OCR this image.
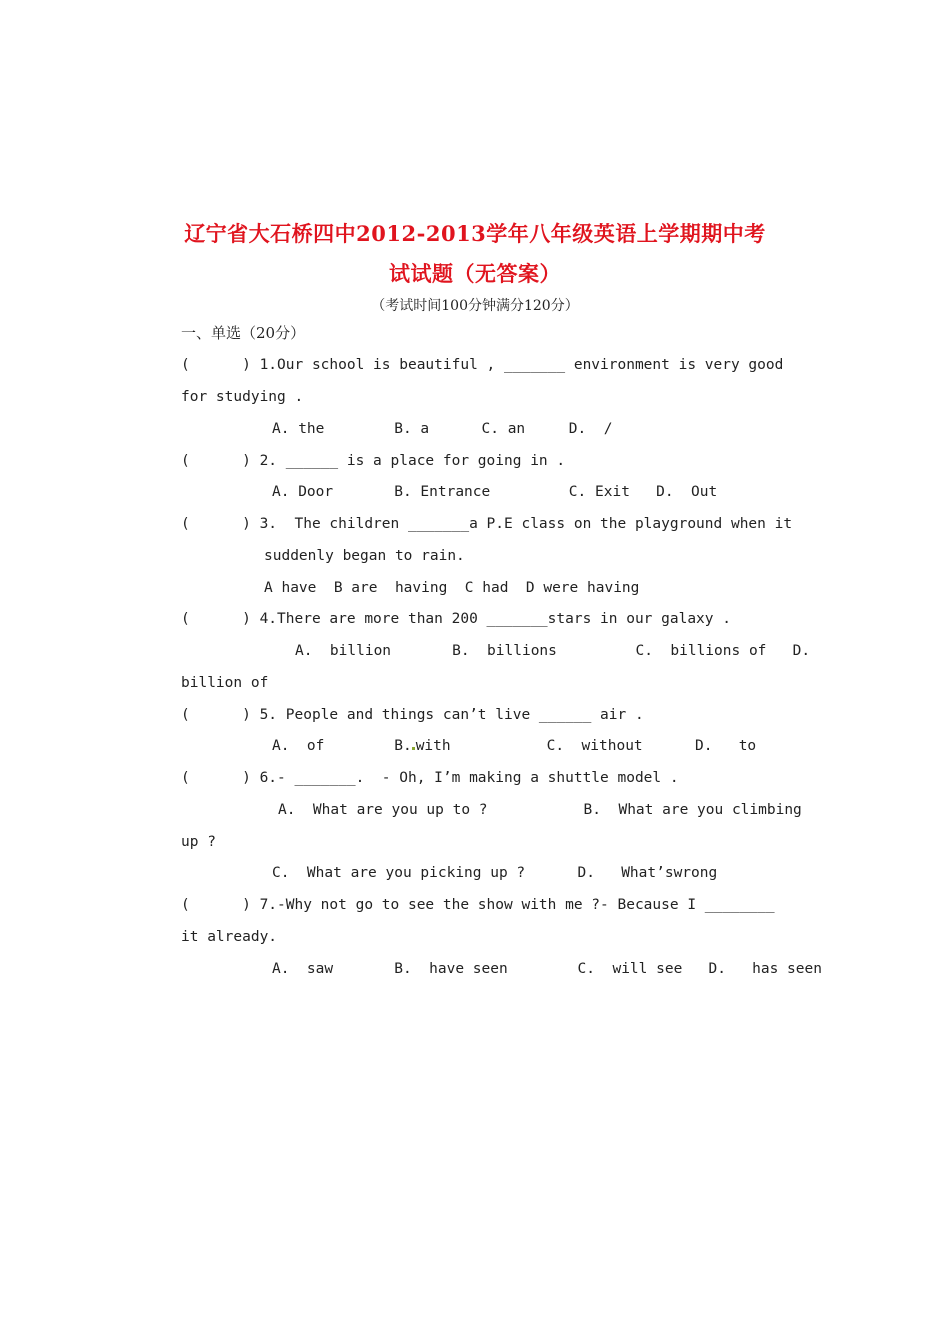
辽宁省大石桥四中2012-2013学年八年级英语上学期期中考
试试题（无答案）
（考试时间100分钟满分120分）
一、单选（20分）
(      ) 1.Our school is beautiful , _______ environment is very good
for studying .
A. the        B. a      C. an     D.  /
(      ) 2. ______ is a place for going in .
A. Door       B. Entrance         C. Exit   D.  Out
(      ) 3.  The children _______a P.E class on the playground when it
suddenly began to rain.
A have  B are  having  C had  D were having
(      ) 4.There are more than 200 _______stars in our galaxy .
A.  billion       B.  billions         C.  billions of   D.
billion of
(      ) 5. People and things can’t live ______ air .
A.  of        B. with           C.  without      D.   to
(      ) 6.- _______.  - Oh, I’m making a shuttle model .
A.  What are you up to ?           B.  What are you climbing
up ?
C.  What are you picking up ?      D.   What’swrong
(      ) 7.-Why not go to see the show with me ?- Because I ________
it already.
A.  saw       B.  have seen        C.  will see   D.   has seen
